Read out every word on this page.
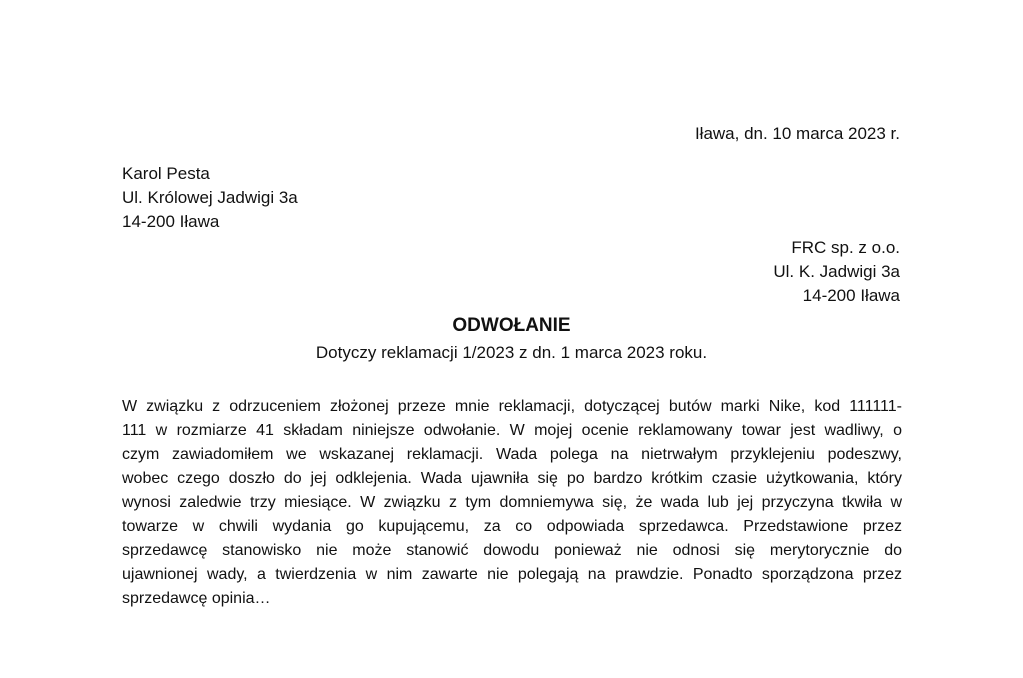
Iława, dn. 10 marca 2023 r.
Karol Pesta
Ul. Królowej Jadwigi 3a
14-200 Iława
FRC sp. z o.o.
Ul. K. Jadwigi 3a
14-200 Iława
ODWOŁANIE
Dotyczy reklamacji 1/2023 z dn. 1 marca 2023 roku.
W związku z odrzuceniem złożonej przeze mnie reklamacji, dotyczącej butów marki Nike, kod 111111-
111 w rozmiarze 41 składam niniejsze odwołanie. W mojej ocenie reklamowany towar jest wadliwy, o
czym zawiadomiłem we wskazanej reklamacji. Wada polega na nietrwałym przyklejeniu podeszwy,
wobec czego doszło do jej odklejenia. Wada ujawniła się po bardzo krótkim czasie użytkowania, który
wynosi zaledwie trzy miesiące. W związku z tym domniemywa się, że wada lub jej przyczyna tkwiła w
towarze w chwili wydania go kupującemu, za co odpowiada sprzedawca. Przedstawione przez
sprzedawcę stanowisko nie może stanowić dowodu ponieważ nie odnosi się merytorycznie do
ujawnionej wady, a twierdzenia w nim zawarte nie polegają na prawdzie. Ponadto sporządzona przez
sprzedawcę opinia…
